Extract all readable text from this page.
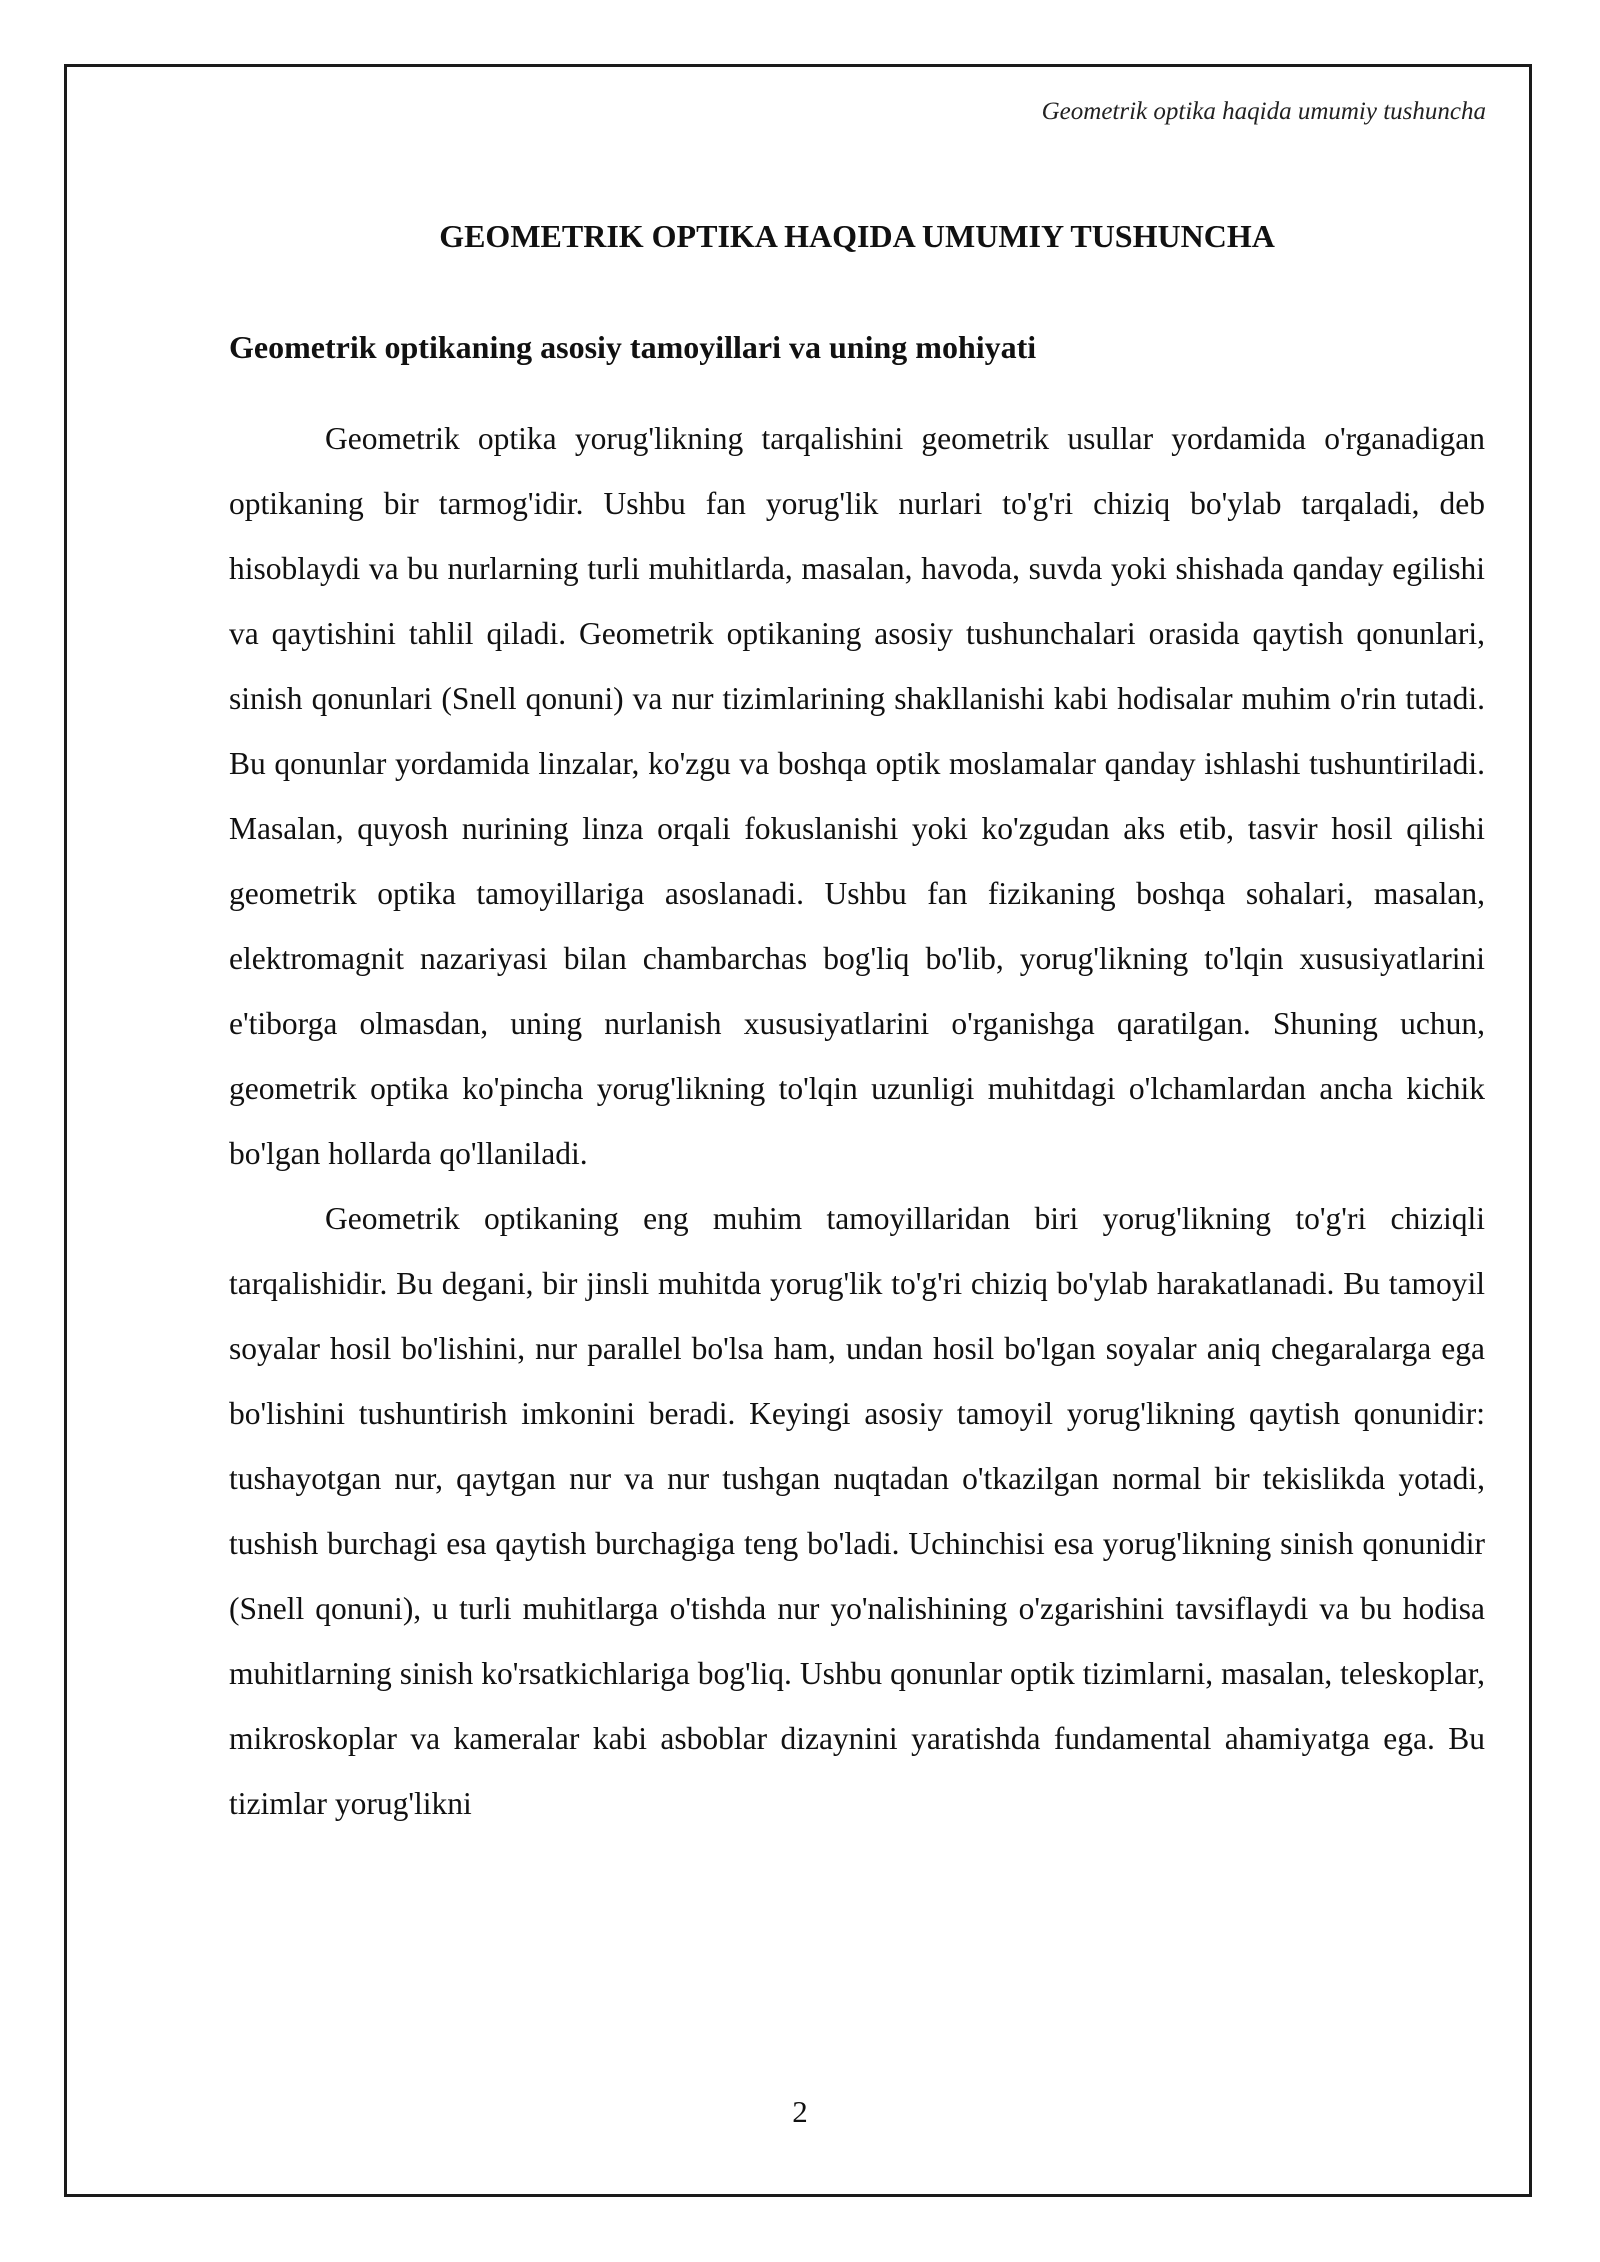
Geometrik optika haqida umumiy tushuncha
GEOMETRIK OPTIKA HAQIDA UMUMIY TUSHUNCHA
Geometrik optikaning asosiy tamoyillari va uning mohiyati

Geometrik optika yorug'likning tarqalishini geometrik usullar yordamida o'rganadigan optikaning bir tarmog'idir. Ushbu fan yorug'lik nurlari to'g'ri chiziq bo'ylab tarqaladi, deb hisoblaydi va bu nurlarning turli muhitlarda, masalan, havoda, suvda yoki shishada qanday egilishi va qaytishini tahlil qiladi. Geometrik optikaning asosiy tushunchalari orasida qaytish qonunlari, sinish qonunlari (Snell qonuni) va nur tizimlarining shakllanishi kabi hodisalar muhim o'rin tutadi. Bu qonunlar yordamida linzalar, ko'zgu va boshqa optik moslamalar qanday ishlashi tushuntiriladi. Masalan, quyosh nurining linza orqali fokuslanishi yoki ko'zgudan aks etib, tasvir hosil qilishi geometrik optika tamoyillariga asoslanadi. Ushbu fan fizikaning boshqa sohalari, masalan, elektromagnit nazariyasi bilan chambarchas bog'liq bo'lib, yorug'likning to'lqin xususiyatlarini e'tiborga olmasdan, uning nurlanish xususiyatlarini o'rganishga qaratilgan. Shuning uchun, geometrik optika ko'pincha yorug'likning to'lqin uzunligi muhitdagi o'lchamlardan ancha kichik bo'lgan hollarda qo'llaniladi.

Geometrik optikaning eng muhim tamoyillaridan biri yorug'likning to'g'ri chiziqli tarqalishidir. Bu degani, bir jinsli muhitda yorug'lik to'g'ri chiziq bo'ylab harakatlanadi. Bu tamoyil soyalar hosil bo'lishini, nur parallel bo'lsa ham, undan hosil bo'lgan soyalar aniq chegaralarga ega bo'lishini tushuntirish imkonini beradi. Keyingi asosiy tamoyil yorug'likning qaytish qonunidir: tushayotgan nur, qaytgan nur va nur tushgan nuqtadan o'tkazilgan normal bir tekislikda yotadi, tushish burchagi esa qaytish burchagiga teng bo'ladi. Uchinchisi esa yorug'likning sinish qonunidir (Snell qonuni), u turli muhitlarga o'tishda nur yo'nalishining o'zgarishini tavsiflaydi va bu hodisa muhitlarning sinish ko'rsatkichlariga bog'liq. Ushbu qonunlar optik tizimlarni, masalan, teleskoplar, mikroskoplar va kameralar kabi asboblar dizaynini yaratishda fundamental ahamiyatga ega. Bu tizimlar yorug'likni

2
